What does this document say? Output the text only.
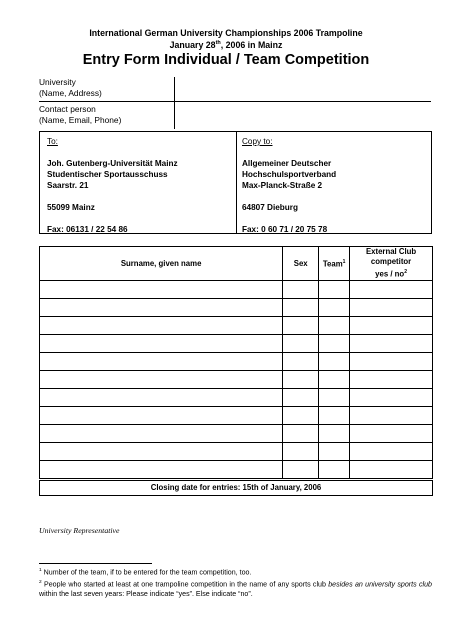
International German University Championships 2006 Trampoline
January 28th, 2006 in Mainz
Entry Form Individual / Team Competition
University
(Name, Address)
Contact person
(Name, Email, Phone)
To:
Joh. Gutenberg-Universität Mainz
Studentischer Sportausschuss
Saarstr. 21
55099 Mainz
Fax: 06131 / 22 54 86
Copy to:
Allgemeiner Deutscher
Hochschulsportverband
Max-Planck-Straße 2
64807 Dieburg
Fax: 0 60 71 / 20 75 78
Surname, given name	Sex	Team$^1$	External Club
competitor
yes / $no^2$

Closing date for entries: 15th of January, 2006
University Representative
$^1$ Number of the team, if to be entered for the team competition, too.
$^2$ People who started at least at one trampoline competition in the name of any sports club besides an university sports club within the last seven years: Please indicate “yes”. Else indicate “no”.
